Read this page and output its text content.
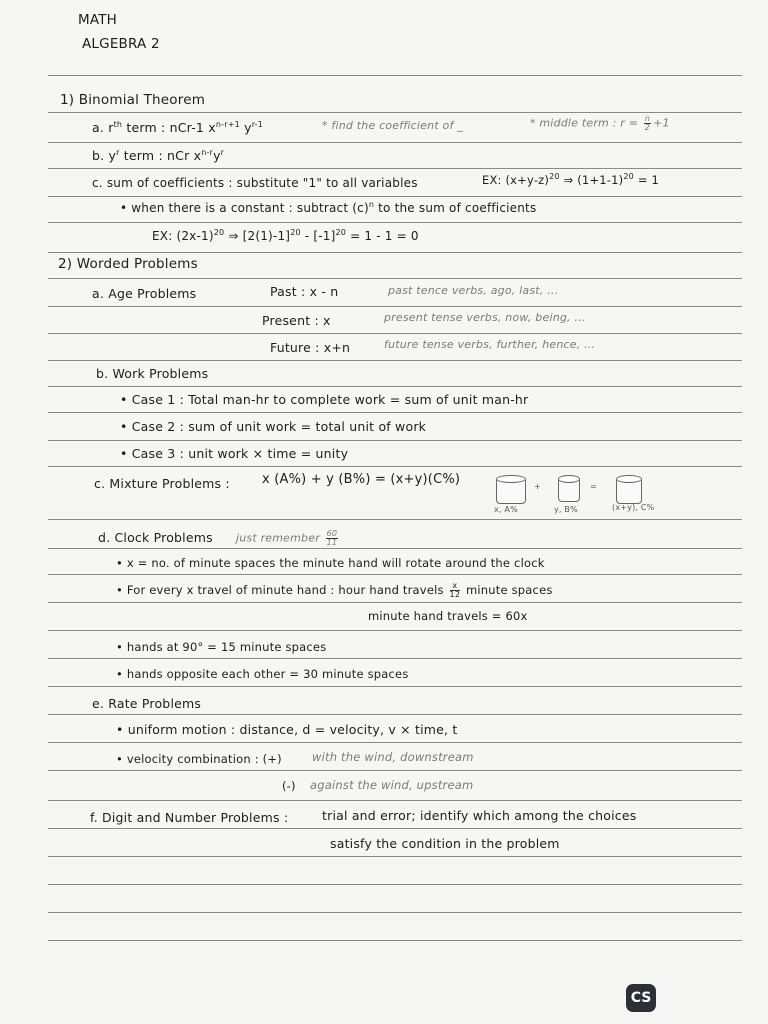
MATH
ALGEBRA 2
1) Binomial Theorem
a. $r^{th}$ term : nCr-1 $x^{n-r+1}$ $y^{r-1}$	* find the coefficient of _	* middle term : $r = \frac{n}{2} +1$
b. $y^r$ term : nCr $x^{n-r}y^r$
c. sum of coefficients : substitute "1" to all variables	EX: $(x+y-z)^{20}$ ⇒ $(1+1-1)^{20} = 1$
• when there is a constant : subtract $(c)^n$ to the sum of coefficients
EX: $(2x-1)^{20}$ ⇒ $[2(1)-1]^{20} - [-1]^{20} = 1 - 1 = 0$
2) Worded Problems
a. Age Problems	Past : x - n	past tence verbs, ago, last, ...
Present : x	present tense verbs, now, being, ...
Future : x+n	future tense verbs, further, hence, ...
b. Work Problems
• Case 1 : Total man-hr to complete work = sum of unit man-hr
• Case 2 : sum of unit work = total unit of work
• Case 3 : unit work × time = unity
c. Mixture Problems : x (A%) + y (B%) = (x+y)(C%)	+	=
x, A%	y, B%	(x+y), C%
d. Clock Problems just remember $\frac{60}{11}$
• x = no. of minute spaces the minute hand will rotate around the clock
• For every x travel of minute hand : hour hand travels $\frac{x}{12}$ minute spaces
minute hand travels = 60x
• hands at 90° = 15 minute spaces
• hands opposite each other = 30 minute spaces
e. Rate Problems
• uniform motion : distance, d = velocity, v × time, t
• velocity combination : (+)	with the wind, downstream
(-) against the wind, upstream
f. Digit and Number Problems :	trial and error; identify which among the choices
satisfy the condition in the problem
CS
